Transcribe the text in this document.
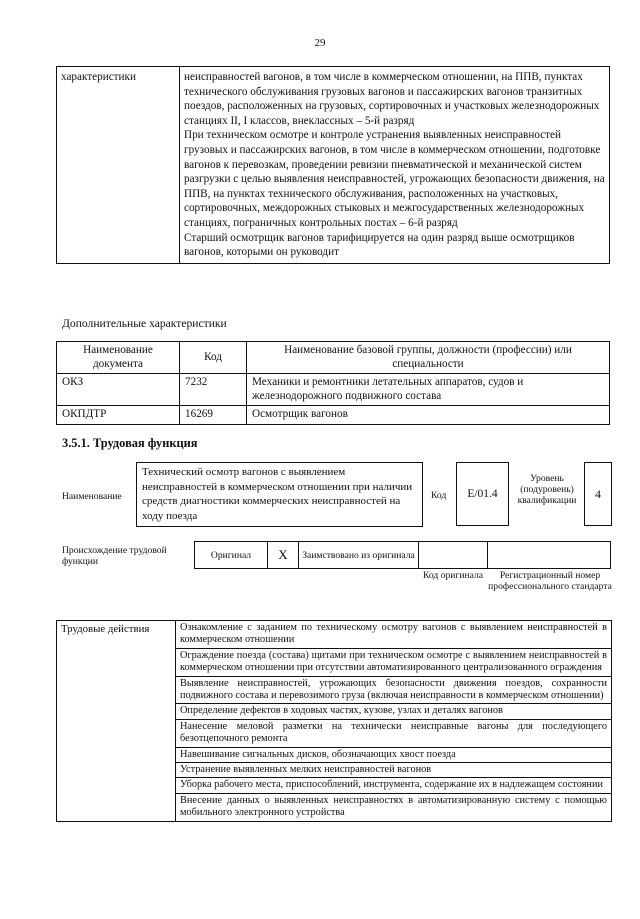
29
характеристики	неисправностей вагонов, в том числе в коммерческом отношении, на ППВ, пунктах технического обслуживания грузовых вагонов и пассажирских вагонов транзитных поездов, расположенных на грузовых, сортировочных и участковых железнодорожных станциях II, I классов, внеклассных – 5-й разряд
При техническом осмотре и контроле устранения выявленных неисправностей грузовых и пассажирских вагонов, в том числе в коммерческом отношении, подготовке вагонов к перевозкам, проведении ревизии пневматической и механической систем разгрузки с целью выявления неисправностей, угрожающих безопасности движения, на ППВ, на пунктах технического обслуживания, расположенных на участковых, сортировочных, междорожных стыковых и межгосударственных железнодорожных станциях, пограничных контрольных постах – 6-й разряд
Старший осмотрщик вагонов тарифицируется на один разряд выше осмотрщиков вагонов, которыми он руководит
Дополнительные характеристики
Наименование документа	Код	Наименование базовой группы, должности (профессии) или специальности
ОКЗ	7232	Механики и ремонтники летательных аппаратов, судов и железнодорожного подвижного состава
ОКПДТР	16269	Осмотрщик вагонов
3.5.1. Трудовая функция
Наименование
Технический осмотр вагонов с выявлением неисправностей в коммерческом отношении при наличии средств диагностики коммерческих неисправностей на ходу поезда
Код	E/01.4
Уровень (подуровень) квалификации	4
Происхождение трудовой функции
Оригинал	X	Заимствовано из оригинала
Код оригинала	Регистрационный номер профессионального стандарта
Трудовые действия	Ознакомление с заданием по техническому осмотру вагонов с выявлением неисправностей в коммерческом отношении
Ограждение поезда (состава) щитами при техническом осмотре с выявлением неисправностей в коммерческом отношении при отсутствии автоматизированного централизованного ограждения
Выявление неисправностей, угрожающих безопасности движения поездов, сохранности подвижного состава и перевозимого груза (включая неисправности в коммерческом отношении)
Определение дефектов в ходовых частях, кузове, узлах и деталях вагонов
Нанесение меловой разметки на технически неисправные вагоны для последующего безотцепочного ремонта
Навешивание сигнальных дисков, обозначающих хвост поезда
Устранение выявленных мелких неисправностей вагонов
Уборка рабочего места, приспособлений, инструмента, содержание их в надлежащем состоянии
Внесение данных о выявленных неисправностях в автоматизированную систему с помощью мобильного электронного устройства
